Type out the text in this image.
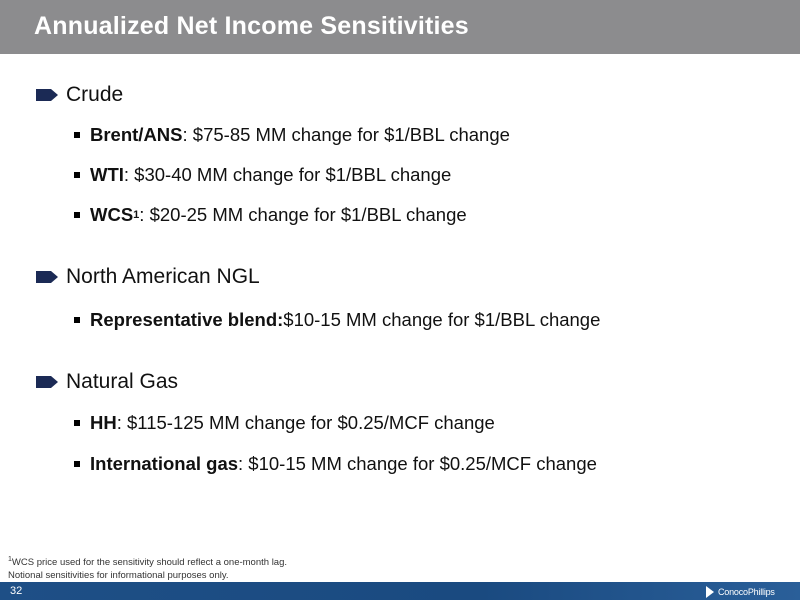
Annualized Net Income Sensitivities
Crude
Brent/ANS : $75-85 MM change for $1/BBL change
WTI : $30-40 MM change for $1/BBL change
WCS 1 : $20-25 MM change for $1/BBL change
North American NGL
Representative blend: $10-15 MM change for $1/BBL change
Natural Gas
HH : $115-125 MM change for $0.25/MCF change
International gas : $10-15 MM change for $0.25/MCF change
$^1$WCS price used for the sensitivity should reflect a one-month lag.
Notional sensitivities for informational purposes only.
32	ConocoPhillips
